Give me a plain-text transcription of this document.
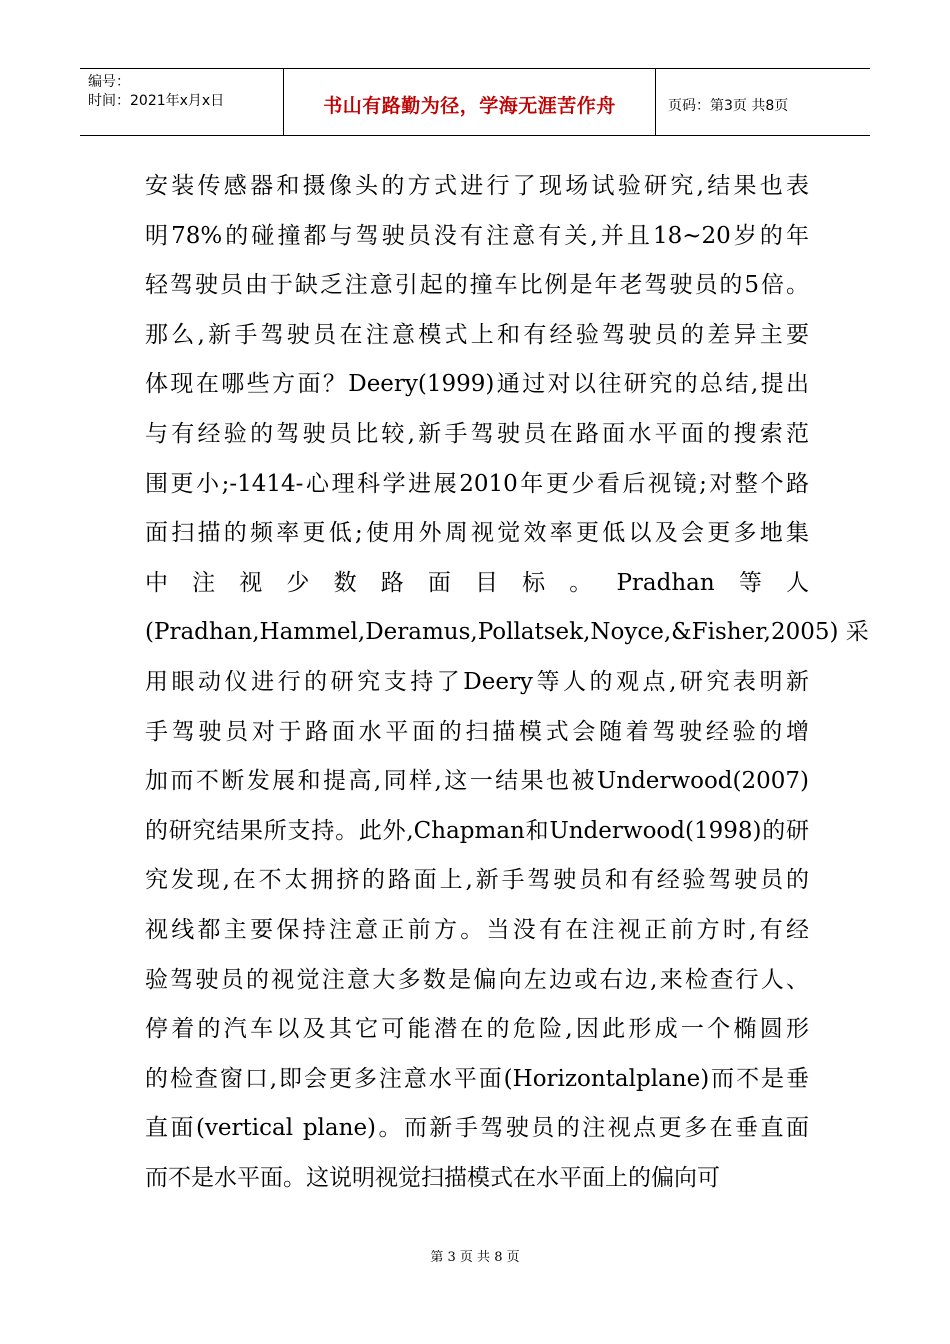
编号：
时间：2021年x月x日	书山有路勤为径，学海无涯苦作舟	页码：第3页 共8页
安装传感器和摄像头的方式进行了现场试验研究,结果也表
明78%的碰撞都与驾驶员没有注意有关,并且18~20岁的年
轻驾驶员由于缺乏注意引起的撞车比例是年老驾驶员的5倍。
那么,新手驾驶员在注意模式上和有经验驾驶员的差异主要
体现在哪些方面？Deery(1999)通过对以往研究的总结,提出
与有经验的驾驶员比较,新手驾驶员在路面水平面的搜索范
围更小;-1414-心理科学进展2010年更少看后视镜;对整个路
面扫描的频率更低;使用外周视觉效率更低以及会更多地集
中注视少数路面目标。Pradhan等人
(Pradhan,Hammel,Deramus,Pollatsek,Noyce,&Fisher,2005) 采
用眼动仪进行的研究支持了Deery等人的观点,研究表明新
手驾驶员对于路面水平面的扫描模式会随着驾驶经验的增
加而不断发展和提高,同样,这一结果也被Underwood(2007)
的研究结果所支持。此外,Chapman和Underwood(1998)的研
究发现,在不太拥挤的路面上,新手驾驶员和有经验驾驶员的
视线都主要保持注意正前方。当没有在注视正前方时,有经
验驾驶员的视觉注意大多数是偏向左边或右边,来检查行人、
停着的汽车以及其它可能潜在的危险,因此形成一个椭圆形
的检查窗口,即会更多注意水平面(Horizontalplane)而不是垂
直面(vertical plane)。而新手驾驶员的注视点更多在垂直面
而不是水平面。这说明视觉扫描模式在水平面上的偏向可
第 3 页 共 8 页
